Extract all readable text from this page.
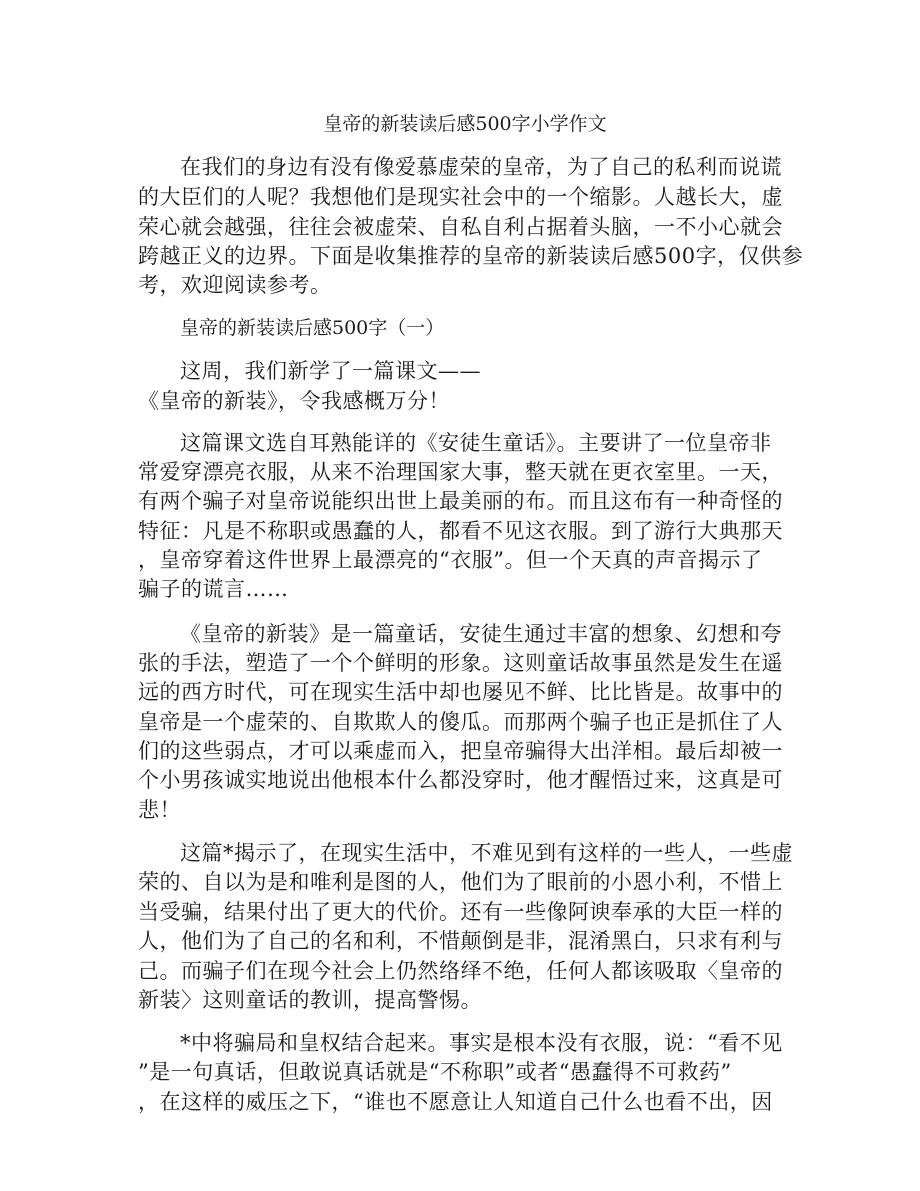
皇帝的新装读后感500字小学作文
在我们的身边有没有像爱慕虚荣的皇帝，为了自己的私利而说谎
的大臣们的人呢？我想他们是现实社会中的一个缩影。人越长大，虚
荣心就会越强，往往会被虚荣、自私自利占据着头脑，一不小心就会
跨越正义的边界。下面是收集推荐的皇帝的新装读后感500字，仅供参
考，欢迎阅读参考。
皇帝的新装读后感500字（一）
这周，我们新学了一篇课文——
《皇帝的新装》，令我感概万分！
这篇课文选自耳熟能详的《安徒生童话》。主要讲了一位皇帝非
常爱穿漂亮衣服，从来不治理国家大事，整天就在更衣室里。一天，
有两个骗子对皇帝说能织出世上最美丽的布。而且这布有一种奇怪的
特征：凡是不称职或愚蠢的人，都看不见这衣服。到了游行大典那天
，皇帝穿着这件世界上最漂亮的“衣服”。但一个天真的声音揭示了
骗子的谎言……
《皇帝的新装》是一篇童话，安徒生通过丰富的想象、幻想和夸
张的手法，塑造了一个个鲜明的形象。这则童话故事虽然是发生在遥
远的西方时代，可在现实生活中却也屡见不鲜、比比皆是。故事中的
皇帝是一个虚荣的、自欺欺人的傻瓜。而那两个骗子也正是抓住了人
们的这些弱点，才可以乘虚而入，把皇帝骗得大出洋相。最后却被一
个小男孩诚实地说出他根本什么都没穿时，他才醒悟过来，这真是可
悲！
这篇*揭示了，在现实生活中，不难见到有这样的一些人，一些虚
荣的、自以为是和唯利是图的人，他们为了眼前的小恩小利，不惜上
当受骗，结果付出了更大的代价。还有一些像阿谀奉承的大臣一样的
人，他们为了自己的名和利，不惜颠倒是非，混淆黑白，只求有利与
己。而骗子们在现今社会上仍然络绎不绝，任何人都该吸取〈皇帝的
新装〉这则童话的教训，提高警惕。
*中将骗局和皇权结合起来。事实是根本没有衣服，说：“看不见
”是一句真话，但敢说真话就是“不称职”或者“愚蠢得不可救药”
，在这样的威压之下，“谁也不愿意让人知道自己什么也看不出，因
